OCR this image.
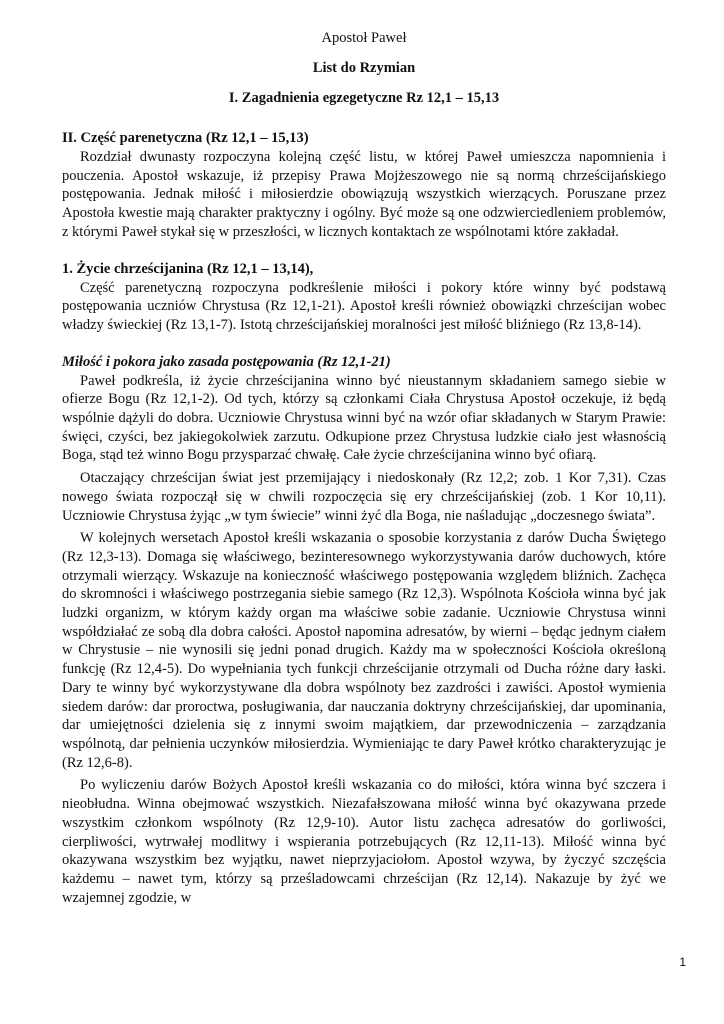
Apostoł Paweł
List do Rzymian
I. Zagadnienia egzegetyczne Rz 12,1 – 15,13
II. Część parenetyczna (Rz 12,1 – 15,13)

Rozdział dwunasty rozpoczyna kolejną część listu, w której Paweł umieszcza napomnienia i pouczenia. Apostoł wskazuje, iż przepisy Prawa Mojżeszowego nie są normą chrześcijańskiego postępowania. Jednak miłość i miłosierdzie obowiązują wszystkich wierzących. Poruszane przez Apostoła kwestie mają charakter praktyczny i ogólny. Być może są one odzwierciedleniem problemów, z którymi Paweł stykał się w przeszłości, w licznych kontaktach ze wspólnotami które zakładał.

1. Życie chrześcijanina (Rz 12,1 – 13,14),

Część parenetyczną rozpoczyna podkreślenie miłości i pokory które winny być podstawą postępowania uczniów Chrystusa (Rz 12,1-21). Apostoł kreśli również obowiązki chrześcijan wobec władzy świeckiej (Rz 13,1-7). Istotą chrześcijańskiej moralności jest miłość bliźniego (Rz 13,8-14).

Miłość i pokora jako zasada postępowania (Rz 12,1-21)

Paweł podkreśla, iż życie chrześcijanina winno być nieustannym składaniem samego siebie w ofierze Bogu (Rz 12,1-2). Od tych, którzy są członkami Ciała Chrystusa Apostoł oczekuje, iż będą wspólnie dążyli do dobra. Uczniowie Chrystusa winni być na wzór ofiar składanych w Starym Prawie: święci, czyści, bez jakiegokolwiek zarzutu. Odkupione przez Chrystusa ludzkie ciało jest własnością Boga, stąd też winno Bogu przysparzać chwałę. Całe życie chrześcijanina winno być ofiarą.

Otaczający chrześcijan świat jest przemijający i niedoskonały (Rz 12,2; zob. 1 Kor 7,31). Czas nowego świata rozpoczął się w chwili rozpoczęcia się ery chrześcijańskiej (zob. 1 Kor 10,11). Uczniowie Chrystusa żyjąc „w tym świecie” winni żyć dla Boga, nie naśladując „doczesnego świata”.

W kolejnych wersetach Apostoł kreśli wskazania o sposobie korzystania z darów Ducha Świętego (Rz 12,3-13). Domaga się właściwego, bezinteresownego wykorzystywania darów duchowych, które otrzymali wierzący. Wskazuje na konieczność właściwego postępowania względem bliźnich. Zachęca do skromności i właściwego postrzegania siebie samego (Rz 12,3). Wspólnota Kościoła winna być jak ludzki organizm, w którym każdy organ ma właściwe sobie zadanie. Uczniowie Chrystusa winni współdziałać ze sobą dla dobra całości. Apostoł napomina adresatów, by wierni – będąc jednym ciałem w Chrystusie – nie wynosili się jedni ponad drugich. Każdy ma w społeczności Kościoła określoną funkcję (Rz 12,4-5). Do wypełniania tych funkcji chrześcijanie otrzymali od Ducha różne dary łaski. Dary te winny być wykorzystywane dla dobra wspólnoty bez zazdrości i zawiści. Apostoł wymienia siedem darów: dar proroctwa, posługiwania, dar nauczania doktryny chrześcijańskiej, dar upominania, dar umiejętności dzielenia się z innymi swoim majątkiem, dar przewodniczenia – zarządzania wspólnotą, dar pełnienia uczynków miłosierdzia. Wymieniając te dary Paweł krótko charakteryzując je (Rz 12,6-8).

Po wyliczeniu darów Bożych Apostoł kreśli wskazania co do miłości, która winna być szczera i nieobłudna. Winna obejmować wszystkich. Niezafałszowana miłość winna być okazywana przede wszystkim członkom wspólnoty (Rz 12,9-10). Autor listu zachęca adresatów do gorliwości, cierpliwości, wytrwałej modlitwy i wspierania potrzebujących (Rz 12,11-13). Miłość winna być okazywana wszystkim bez wyjątku, nawet nieprzyjaciołom. Apostoł wzywa, by życzyć szczęścia każdemu – nawet tym, którzy są prześladowcami chrześcijan (Rz 12,14). Nakazuje by żyć we wzajemnej zgodzie, w

1
